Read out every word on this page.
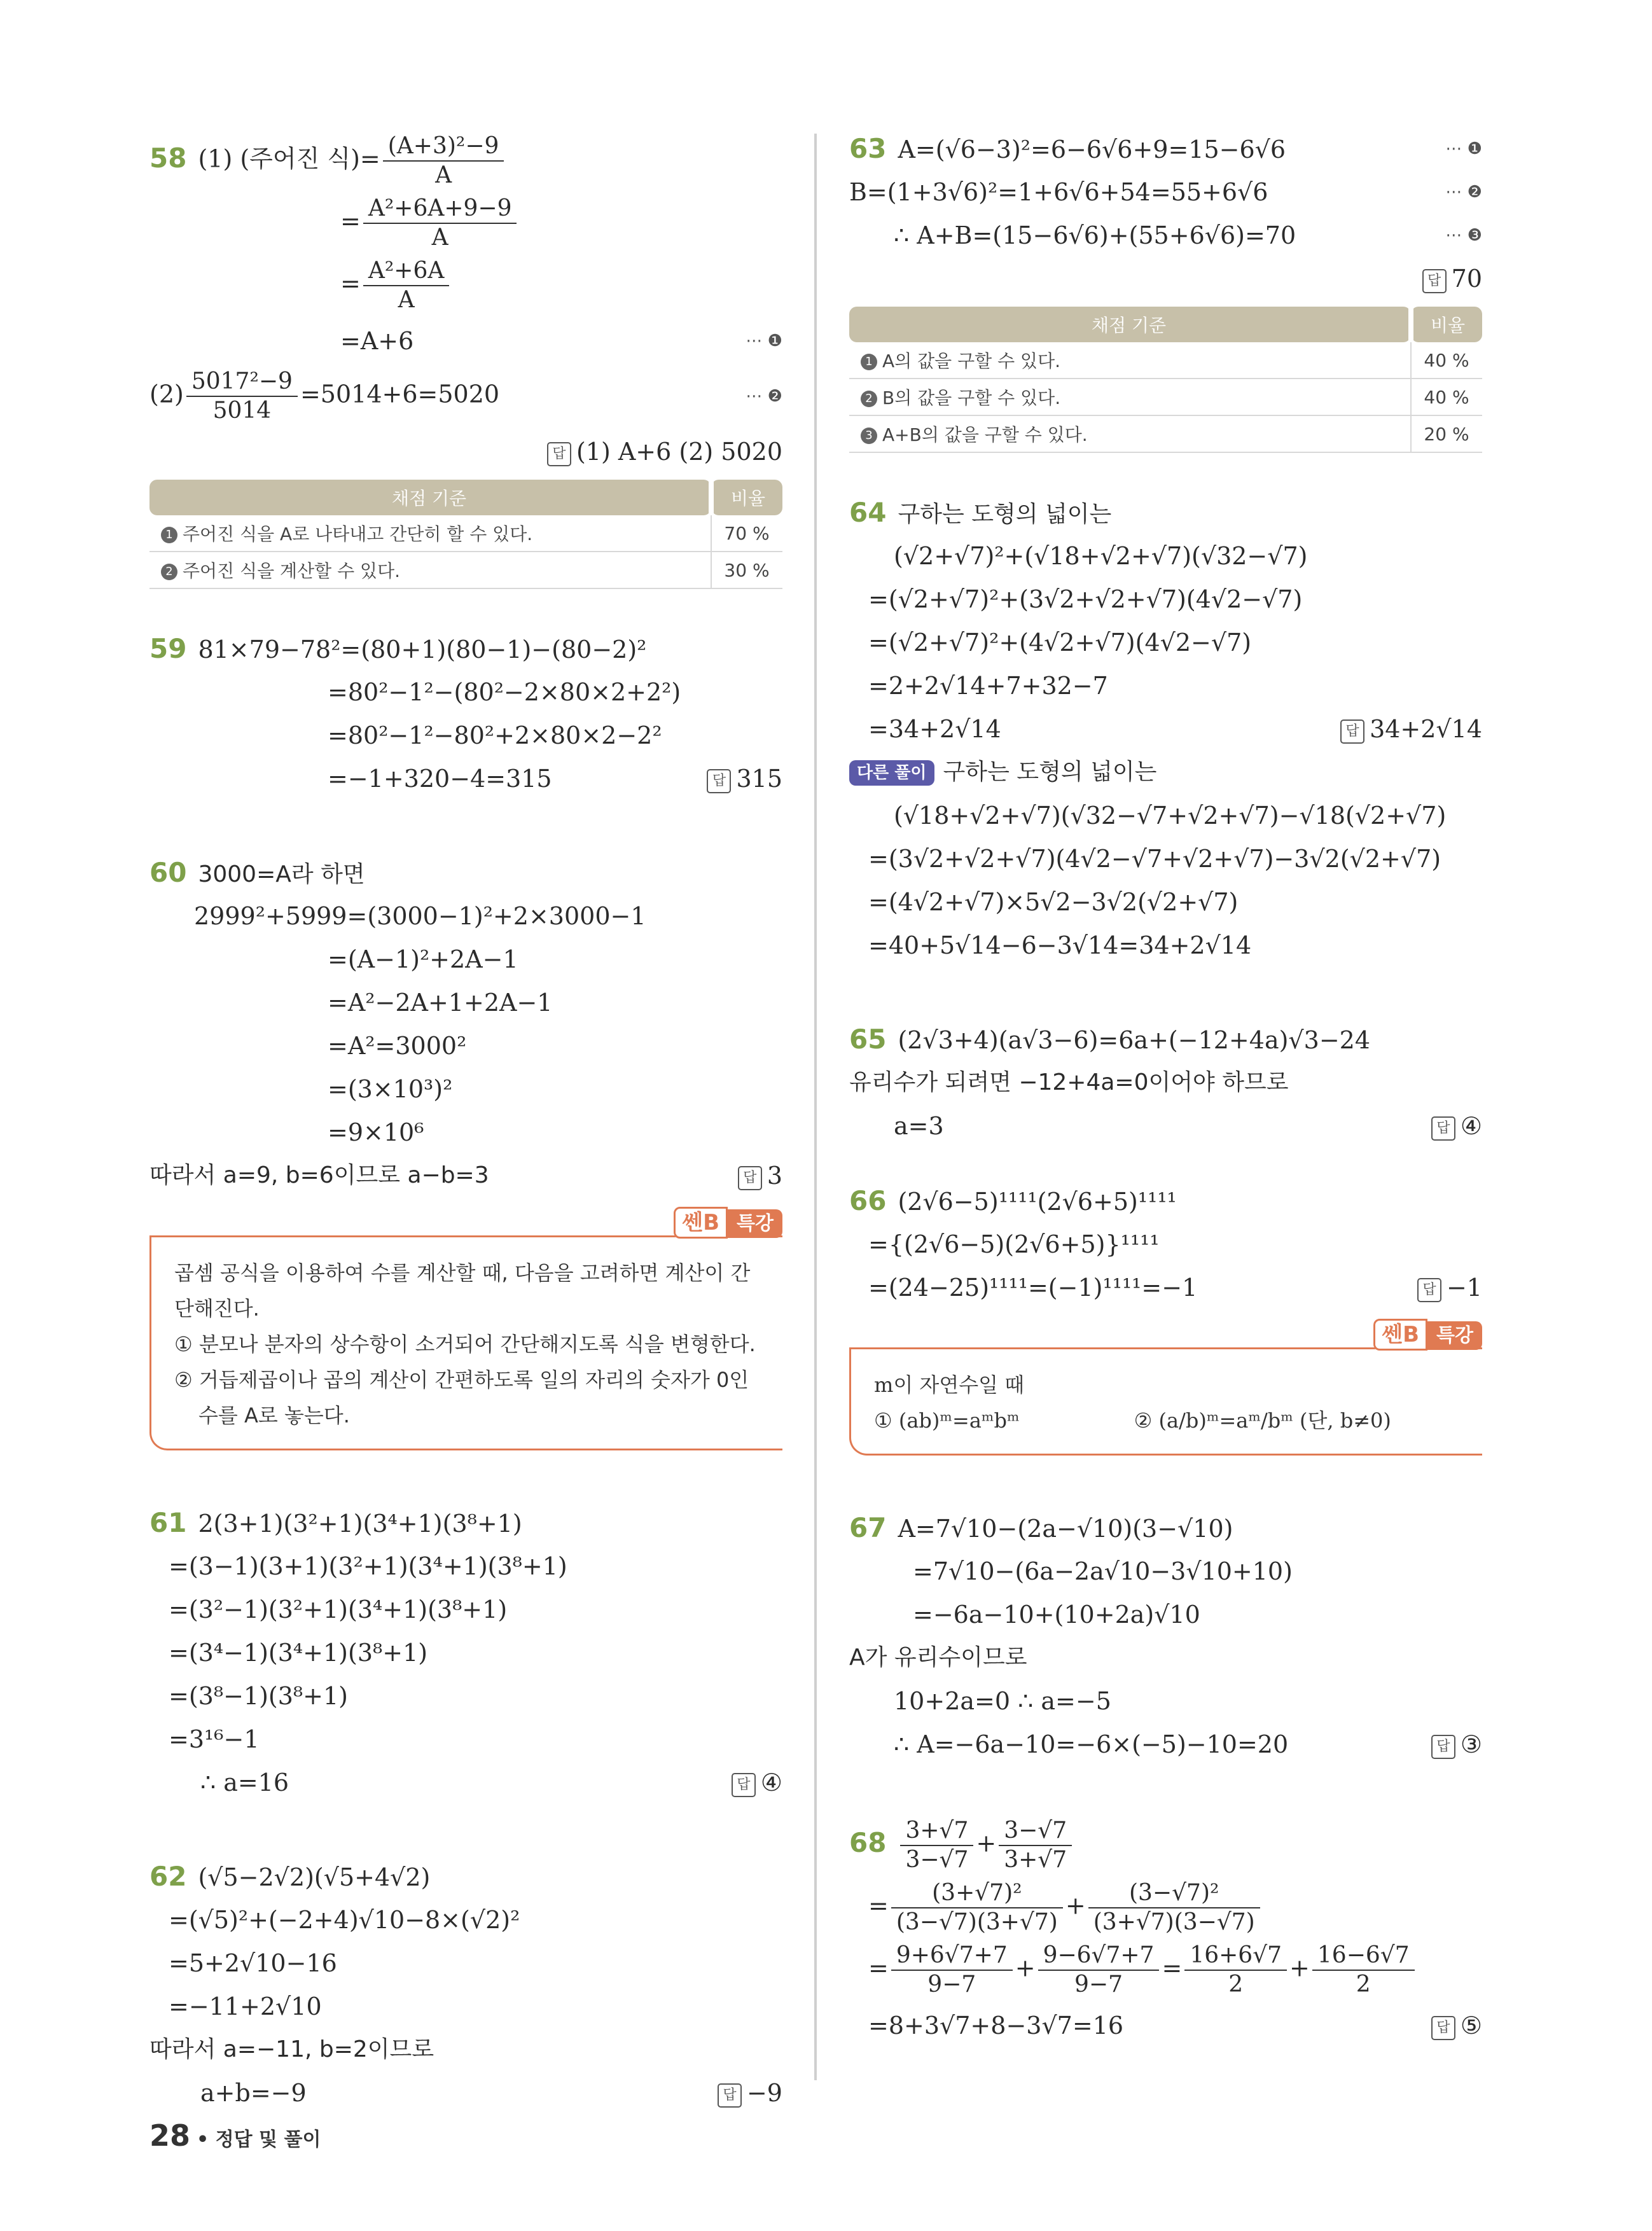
58 (1) (주어진 식)= $\frac{\text{(A+3)²−9}}{A}$
= $\frac{\text{A²+6A+9−9}}{A}$
= $\frac{\text{A²+6A}}{A}$
=A+6	⋯ ❶
$(2) \frac{\text{5017²−9}}{5014} =5014+6=5020$	⋯ ❷
답 (1) A+6 (2) 5020
채점 기준	비율
1 주어진 식을 A로 나타내고 간단히 할 수 있다.	70 %
2 주어진 식을 계산할 수 있다.	30 %
59 81×79−78²=(80+1)(80−1)−(80−2)²
=80²−1²−(80²−2×80×2+2²)
=80²−1²−80²+2×80×2−2²
=−1+320−4=315	답 315
60 3000=A라 하면
2999²+5999=(3000−1)²+2×3000−1
=(A−1)²+2A−1
=A²−2A+1+2A−1
=A²=3000²
=(3×10³)²
=9×10⁶
따라서 a=9, b=6이므로 a−b=3	답 3
쎈B 특강
곱셈 공식을 이용하여 수를 계산할 때, 다음을 고려하면 계산이 간
단해진다.
① 분모나 분자의 상수항이 소거되어 간단해지도록 식을 변형한다.
② 거듭제곱이나 곱의 계산이 간편하도록 일의 자리의 숫자가 0인
수를 A로 놓는다.
61 2(3+1)(3²+1)(3⁴+1)(3⁸+1)
=(3−1)(3+1)(3²+1)(3⁴+1)(3⁸+1)
=(3²−1)(3²+1)(3⁴+1)(3⁸+1)
=(3⁴−1)(3⁴+1)(3⁸+1)
=(3⁸−1)(3⁸+1)
=3¹⁶−1
∴ a=16	답 ④
62 (√5−2√2)(√5+4√2)
=(√5)²+(−2+4)√10−8×(√2)²
=5+2√10−16
=−11+2√10
따라서 a=−11, b=2이므로
a+b=−9	답 −9
63 A=(√6−3)²=6−6√6+9=15−6√6	⋯ ❶
B=(1+3√6)²=1+6√6+54=55+6√6	⋯ ❷
∴ A+B=(15−6√6)+(55+6√6)=70	⋯ ❸
답 70
채점 기준	비율
1 A의 값을 구할 수 있다.	40 %
2 B의 값을 구할 수 있다.	40 %
3 A+B의 값을 구할 수 있다.	20 %
64 구하는 도형의 넓이는
(√2+√7)²+(√18+√2+√7)(√32−√7)
=(√2+√7)²+(3√2+√2+√7)(4√2−√7)
=(√2+√7)²+(4√2+√7)(4√2−√7)
=2+2√14+7+32−7
=34+2√14	답 34+2√14
다른 풀이 구하는 도형의 넓이는
(√18+√2+√7)(√32−√7+√2+√7)−√18(√2+√7)
=(3√2+√2+√7)(4√2−√7+√2+√7)−3√2(√2+√7)
=(4√2+√7)×5√2−3√2(√2+√7)
=40+5√14−6−3√14=34+2√14
65 (2√3+4)(a√3−6)=6a+(−12+4a)√3−24
유리수가 되려면 −12+4a=0이어야 하므로
a=3	답 ④
66 (2√6−5)¹¹¹¹(2√6+5)¹¹¹¹
={(2√6−5)(2√6+5)}¹¹¹¹
=(24−25)¹¹¹¹=(−1)¹¹¹¹=−1	답 −1
쎈B 특강
m이 자연수일 때
① (ab)ᵐ=aᵐbᵐ	② (a/b)ᵐ=aᵐ/bᵐ (단, b≠0)
67 A=7√10−(2a−√10)(3−√10)
=7√10−(6a−2a√10−3√10+10)
=−6a−10+(10+2a)√10
A가 유리수이므로
10+2a=0 ∴ a=−5
∴ A=−6a−10=−6×(−5)−10=20	답 ③
$68 \frac{3+√7}{3-√7} + \frac{3-√7}{3+√7}$
= $\frac{\text{(3+√7)²}}{(3-√7)(3+√7)} + \frac{\text{(3−√7)²}}{(3+√7)(3-√7)}$
= $\frac{9+6√7+7}{9-7} + \frac{9-6√7+7}{9-7} = \frac{16+6√7}{2} + \frac{16-6√7}{2}$
=8+3√7+8−3√7=16	답 ⑤
28 • 정답 및 풀이
